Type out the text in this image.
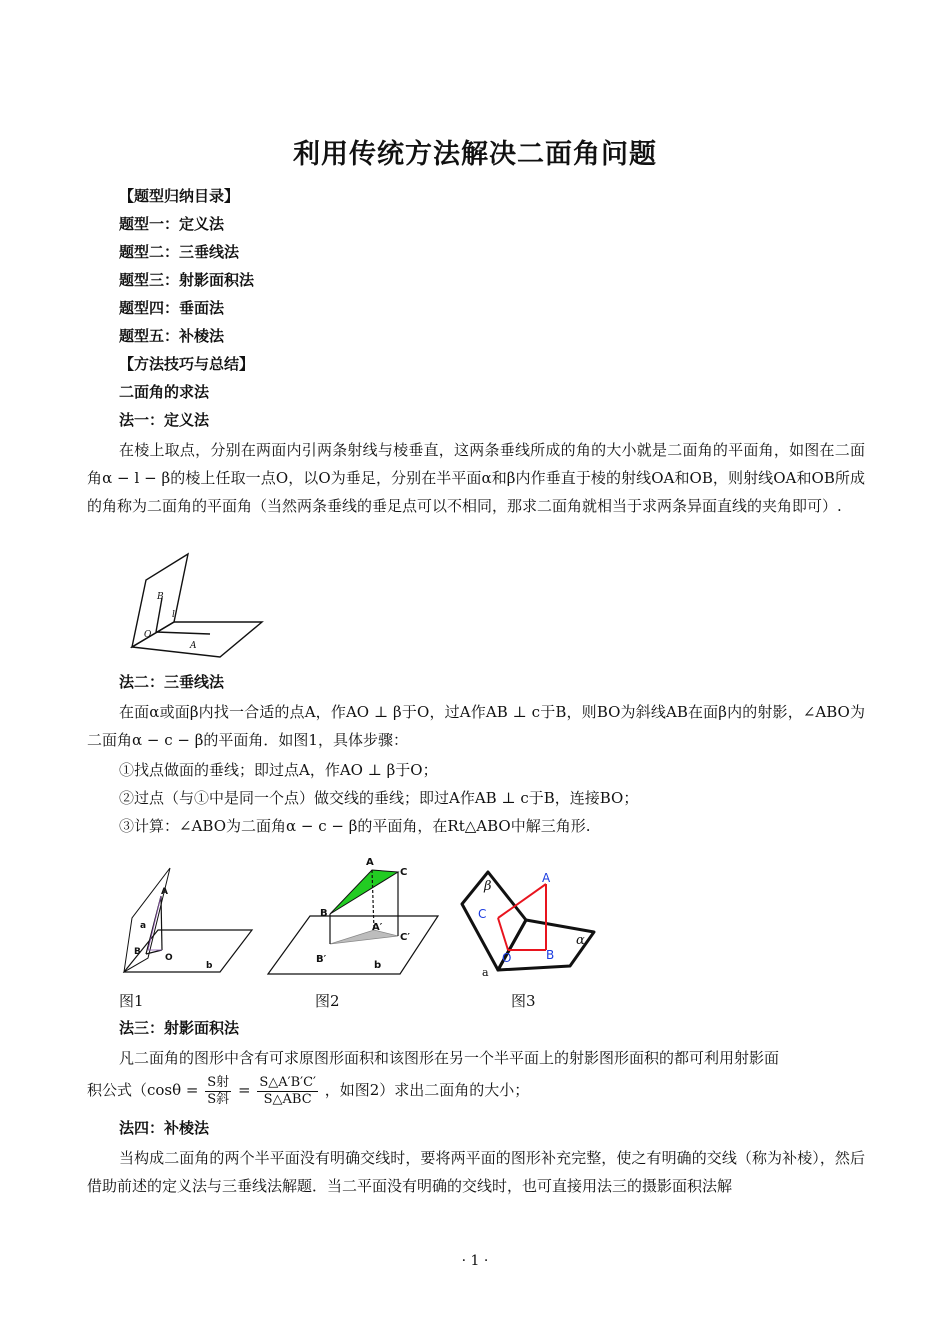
利用传统方法解决二面角问题
【题型归纳目录】
题型一：定义法
题型二：三垂线法
题型三：射影面积法
题型四：垂面法
题型五：补棱法
【方法技巧与总结】
二面角的求法
法一：定义法
在棱上取点，分别在两面内引两条射线与棱垂直，这两条垂线所成的角的大小就是二面角的平面角，如图在二面角α − l − β的棱上任取一点O，以O为垂足，分别在半平面α和β内作垂直于棱的射线OA和OB，则射线OA和OB所成的角称为二面角的平面角（当然两条垂线的垂足点可以不相同，那求二面角就相当于求两条异面直线的夹角即可）.
B
l
O
A
法二：三垂线法
在面α或面β内找一合适的点A，作AO ⊥ β于O，过A作AB ⊥ c于B，则BO为斜线AB在面β内的射影，∠ABO为二面角α − c − β的平面角．如图1，具体步骤：
①找点做面的垂线；即过点A，作AO ⊥ β于O；
②过点（与①中是同一个点）做交线的垂线；即过A作AB ⊥ c于B，连接BO；
③计算：∠ABO为二面角α − c − β的平面角，在Rt△ABO中解三角形.
A
a
B
O
b
A
C
B
A′
C′
B′
b
A
C
O	B
β
α
a
图1	图2	图3
法三：射影面积法
凡二面角的图形中含有可求原图形面积和该图形在另一个半平面上的射影图形面积的都可利用射影面
积公式（$\cos\theta = \frac{\text{S射}}{\text{S斜}} = \frac{S\triangle A'B'C'}{\text{S△ABC}}$ ，如图2）求出二面角的大小；
法四：补棱法
当构成二面角的两个半平面没有明确交线时，要将两平面的图形补充完整，使之有明确的交线（称为补棱），然后借助前述的定义法与三垂线法解题．当二平面没有明确的交线时，也可直接用法三的摄影面积法解
· 1 ·
